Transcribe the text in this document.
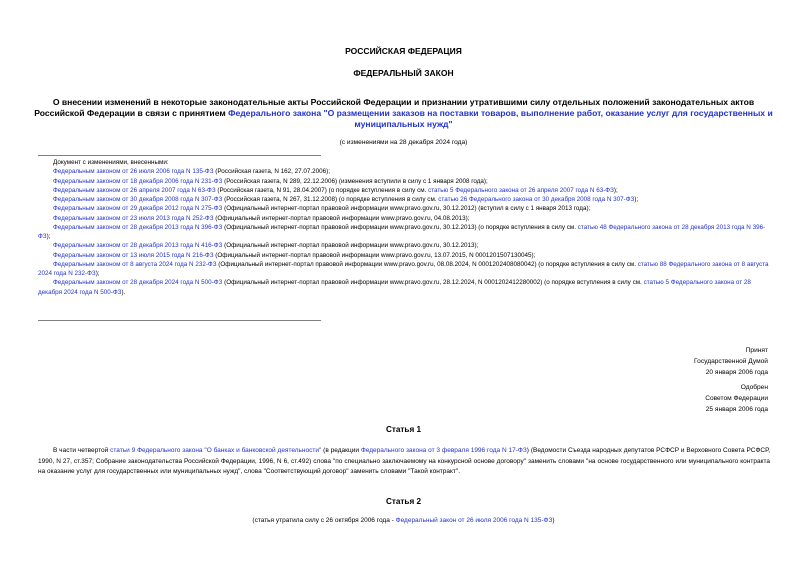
РОССИЙСКАЯ ФЕДЕРАЦИЯ
ФЕДЕРАЛЬНЫЙ ЗАКОН
О внесении изменений в некоторые законодательные акты Российской Федерации и признании утратившими силу отдельных положений законодательных актов Российской Федерации в связи с принятием Федерального закона "О размещении заказов на поставки товаров, выполнение работ, оказание услуг для государственных и муниципальных нужд"
(с изменениями на 28 декабря 2024 года)
Документ с изменениями, внесенными:
Федеральным законом от 26 июля 2006 года N 135-ФЗ (Российская газета, N 162, 27.07.2006);
Федеральным законом от 18 декабря 2006 года N 231-ФЗ (Российская газета, N 289, 22.12.2006) (изменения вступили в силу с 1 января 2008 года);
Федеральным законом от 26 апреля 2007 года N 63-ФЗ (Российская газета, N 91, 28.04.2007) (о порядке вступления в силу см. статью 5 Федерального закона от 26 апреля 2007 года N 63-ФЗ);
Федеральным законом от 30 декабря 2008 года N 307-ФЗ (Российская газета, N 267, 31.12.2008) (о порядке вступления в силу см. статью 26 Федерального закона от 30 декабря 2008 года N 307-ФЗ);
Федеральным законом от 29 декабря 2012 года N 275-ФЗ (Официальный интернет-портал правовой информации www.pravo.gov.ru, 30.12.2012) (вступил в силу с 1 января 2013 года);
Федеральным законом от 23 июля 2013 года N 252-ФЗ (Официальный интернет-портал правовой информации www.pravo.gov.ru, 04.08.2013);
Федеральным законом от 28 декабря 2013 года N 396-ФЗ (Официальный интернет-портал правовой информации www.pravo.gov.ru, 30.12.2013) (о порядке вступления в силу см. статью 48 Федерального закона от 28 декабря 2013 года N 396-ФЗ);
Федеральным законом от 28 декабря 2013 года N 416-ФЗ (Официальный интернет-портал правовой информации www.pravo.gov.ru, 30.12.2013);
Федеральным законом от 13 июля 2015 года N 216-ФЗ (Официальный интернет-портал правовой информации www.pravo.gov.ru, 13.07.2015, N 0001201507130045);
Федеральным законом от 8 августа 2024 года N 232-ФЗ (Официальный интернет-портал правовой информации www.pravo.gov.ru, 08.08.2024, N 0001202408080042) (о порядке вступления в силу см. статью 88 Федерального закона от 8 августа 2024 года N 232-ФЗ);
Федеральным законом от 28 декабря 2024 года N 500-ФЗ (Официальный интернет-портал правовой информации www.pravo.gov.ru, 28.12.2024, N 0001202412280002) (о порядке вступления в силу см. статью 5 Федерального закона от 28 декабря 2024 года N 500-ФЗ).
Принят
Государственной Думой
20 января 2006 года
Одобрен
Советом Федерации
25 января 2006 года
Статья 1
В части четвертой статьи 9 Федерального закона "О банках и банковской деятельности" (в редакции Федерального закона от 3 февраля 1996 года N 17-ФЗ) (Ведомости Съезда народных депутатов РСФСР и Верховного Совета РСФСР, 1990, N 27, ст.357; Собрание законодательства Российской Федерации, 1996, N 6, ст.492) слова "по специально заключаемому на конкурсной основе договору" заменить словами "на основе государственного или муниципального контракта на оказание услуг для государственных или муниципальных нужд", слова "Соответствующий договор" заменить словами "Такой контракт".
Статья 2
(статья утратила силу с 26 октября 2006 года - Федеральный закон от 26 июля 2006 года N 135-ФЗ)
